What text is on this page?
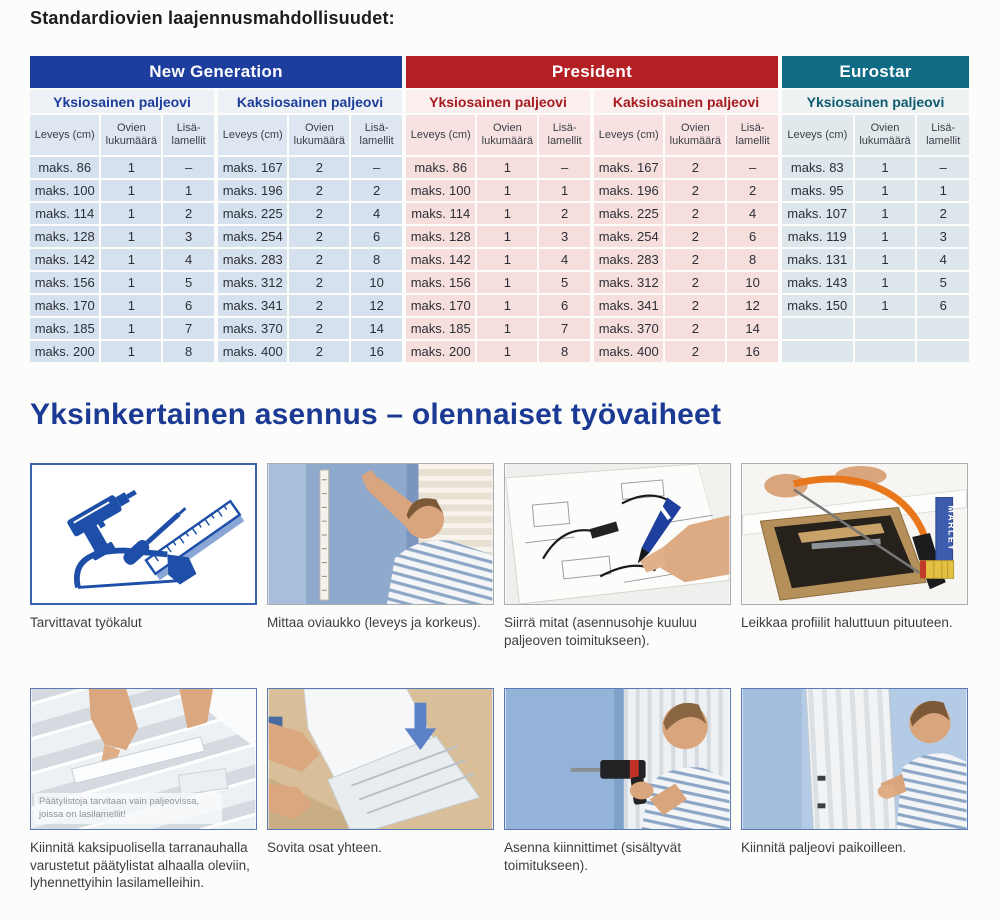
Standardiovien laajennusmahdollisuudet:
New Generation
Yksiosainen paljeovi
Leveys (cm)
Ovien lukumäärä
Lisä-lamellit
maks. 86	1	–
maks. 100	1	1
maks. 114	1	2
maks. 128	1	3
maks. 142	1	4
maks. 156	1	5
maks. 170	1	6
maks. 185	1	7
maks. 200	1	8
Kaksiosainen paljeovi
Leveys (cm)
Ovien lukumäärä
Lisä-lamellit
maks. 167	2	–
maks. 196	2	2
maks. 225	2	4
maks. 254	2	6
maks. 283	2	8
maks. 312	2	10
maks. 341	2	12
maks. 370	2	14
maks. 400	2	16
President
Yksiosainen paljeovi
Leveys (cm)
Ovien lukumäärä
Lisä-lamellit
maks. 86	1	–
maks. 100	1	1
maks. 114	1	2
maks. 128	1	3
maks. 142	1	4
maks. 156	1	5
maks. 170	1	6
maks. 185	1	7
maks. 200	1	8
Kaksiosainen paljeovi
Leveys (cm)
Ovien lukumäärä
Lisä-lamellit
maks. 167	2	–
maks. 196	2	2
maks. 225	2	4
maks. 254	2	6
maks. 283	2	8
maks. 312	2	10
maks. 341	2	12
maks. 370	2	14
maks. 400	2	16
Eurostar
Yksiosainen paljeovi
Leveys (cm)
Ovien lukumäärä
Lisä-lamellit
maks. 83	1	–
maks. 95	1	1
maks. 107	1	2
maks. 119	1	3
maks. 131	1	4
maks. 143	1	5
maks. 150	1	6
Yksinkertainen asennus – olennaiset työvaiheet
Tarvittavat työkalut	Mittaa oviaukko (leveys ja korkeus).	Siirrä mitat (asennusohje kuuluu paljeoven toimitukseen).
MARLEY
Leikkaa profiilit haluttuun pituuteen.
Päätylistoja tarvitaan vain paljeovissa, joissa on lasilamellit!
Kiinnitä kaksipuolisella tarranauhalla varustetut päätylistat alhaalla oleviin, lyhennettyihin lasilamelleihin.
Sovita osat yhteen.	Asenna kiinnittimet (sisältyvät toimitukseen).
Kiinnitä paljeovi paikoilleen.
